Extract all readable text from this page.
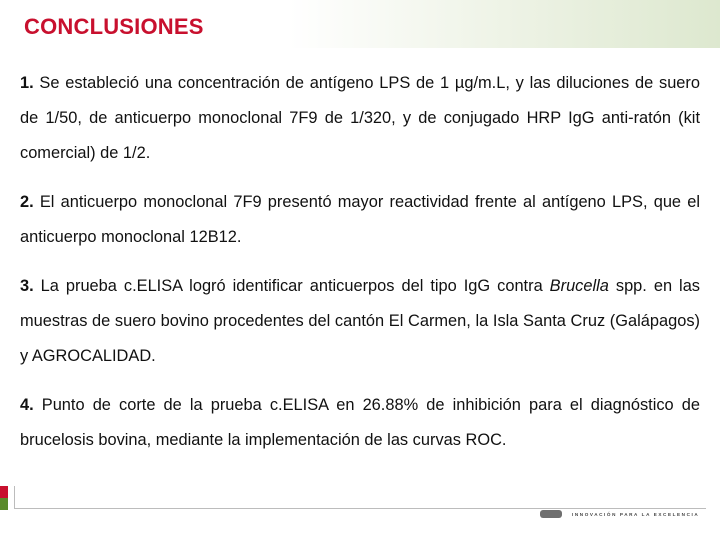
CONCLUSIONES

1. Se estableció una concentración de antígeno LPS de 1 µg/m.L, y las diluciones de suero de 1/50, de anticuerpo monoclonal 7F9 de 1/320, y de conjugado HRP IgG anti-ratón (kit comercial) de 1/2.

2. El anticuerpo monoclonal 7F9 presentó mayor reactividad frente al antígeno LPS, que el anticuerpo monoclonal 12B12.

3. La prueba c.ELISA logró identificar anticuerpos del tipo IgG contra Brucella spp. en las muestras de suero bovino procedentes del cantón El Carmen, la Isla Santa Cruz (Galápagos) y AGROCALIDAD.

4. Punto de corte de la prueba c.ELISA en 26.88% de inhibición para el diagnóstico de brucelosis bovina, mediante la implementación de las curvas ROC.

INNOVACIÓN PARA LA EXCELENCIA
